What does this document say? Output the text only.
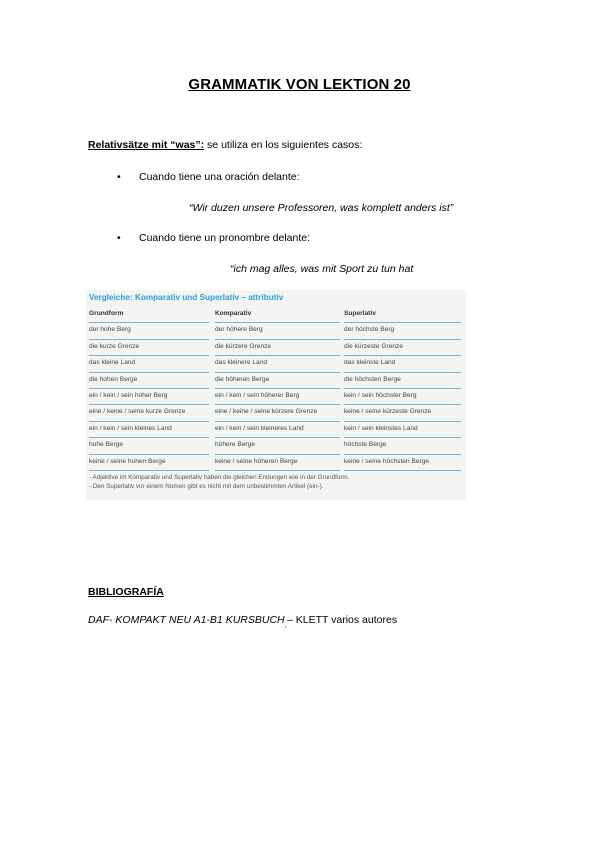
GRAMMATIK VON LEKTION 20
Relativsätze mit “was”: se utiliza en los siguientes casos:
• Cuando tiene una oración delante:
“Wir duzen unsere Professoren, was komplett anders ist”
• Cuando tiene un pronombre delante:
“ich mag alles, was mit Sport zu tun hat
Vergleiche: Komparativ und Superlativ – attributiv
Grundform
der hohe Berg
die kurze Grenze
das kleine Land
die hohen Berge
ein / kein / sein hoher Berg
eine / keine / seine kurze Grenze
ein / kein / sein kleines Land
hohe Berge
keine / seine hohen Berge
Komparativ
der höhere Berg
die kürzere Grenze
das kleinere Land
die höheren Berge
ein / kein / sein höherer Berg
eine / keine / seine kürzere Grenze
ein / kein / sein kleineres Land
höhere Berge
keine / seine höheren Berge
Superlativ
der höchste Berg
die kürzeste Grenze
das kleinste Land
die höchsten Berge
kein / sein höchster Berg
keine / seine kürzeste Grenze
kein / sein kleinstes Land
höchste Berge
keine / seine höchsten Berge
- Adjektive im Komparativ und Superlativ haben die gleichen Endungen wie in der Grundform.
- Den Superlativ vor einem Nomen gibt es nicht mit dem unbestimmten Artikel (ein-).
BIBLIOGRAFÍA
DAF- KOMPAKT NEU A1-B1 $KURSBUCH_¸-$ KLETT varios autores
